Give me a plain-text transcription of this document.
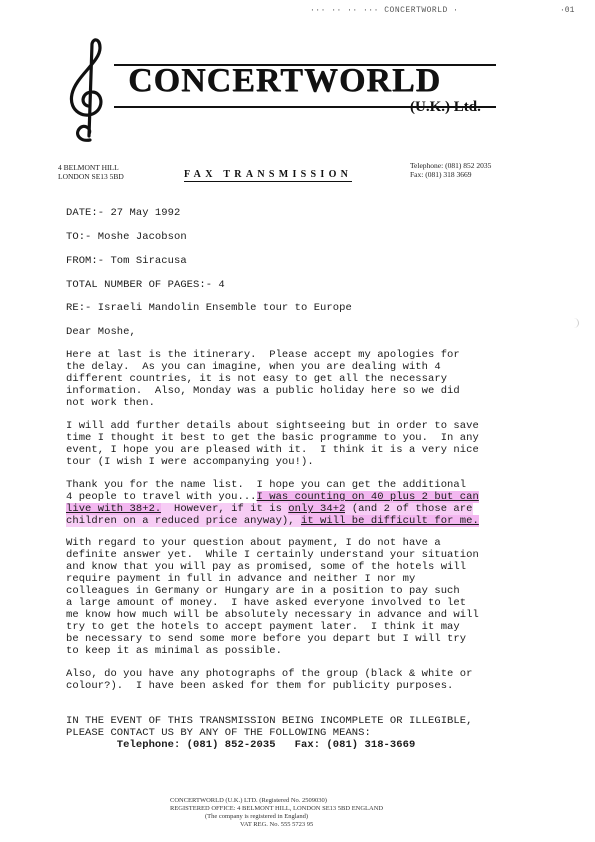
··· ·· ·· ··· CONCERTWORLD ·	·01
CONCERTWORLD
(U.K.) Ltd.
4 BELMONT HILL
LONDON SE13 5BD	FAX TRANSMISSION
Telephone: (081) 852 2035
Fax: (081) 318 3669
DATE:- 27 May 1992
TO:- Moshe Jacobson
FROM:- Tom Siracusa
TOTAL NUMBER OF PAGES:- 4
RE:- Israeli Mandolin Ensemble tour to Europe
Dear Moshe,
Here at last is the itinerary.  Please accept my apologies for
the delay.  As you can imagine, when you are dealing with 4
different countries, it is not easy to get all the necessary
information.  Also, Monday was a public holiday here so we did
not work then.
I will add further details about sightseeing but in order to save
time I thought it best to get the basic programme to you.  In any
event, I hope you are pleased with it.  I think it is a very nice
tour (I wish I were accompanying you!).
Thank you for the name list.  I hope you can get the additional
4 people to travel with you...I was counting on 40 plus 2 but can
live with 38+2.  However, if it is only 34+2 (and 2 of those are
children on a reduced price anyway), it will be difficult for me.
With regard to your question about payment, I do not have a
definite answer yet.  While I certainly understand your situation
and know that you will pay as promised, some of the hotels will
require payment in full in advance and neither I nor my
colleagues in Germany or Hungary are in a position to pay such
a large amount of money.  I have asked everyone involved to let
me know how much will be absolutely necessary in advance and will
try to get the hotels to accept payment later.  I think it may
be necessary to send some more before you depart but I will try
to keep it as minimal as possible.
Also, do you have any photographs of the group (black & white or
colour?).  I have been asked for them for publicity purposes.
IN THE EVENT OF THIS TRANSMISSION BEING INCOMPLETE OR ILLEGIBLE,
PLEASE CONTACT US BY ANY OF THE FOLLOWING MEANS:
Telephone: (081) 852-2035   Fax: (081) 318-3669
CONCERTWORLD (U.K.) LTD. (Registered No. 2509030)
REGISTERED OFFICE: 4 BELMONT HILL, LONDON SE13 5BD ENGLAND
(The company is registered in England)
VAT REG. No. 555 5723 95
